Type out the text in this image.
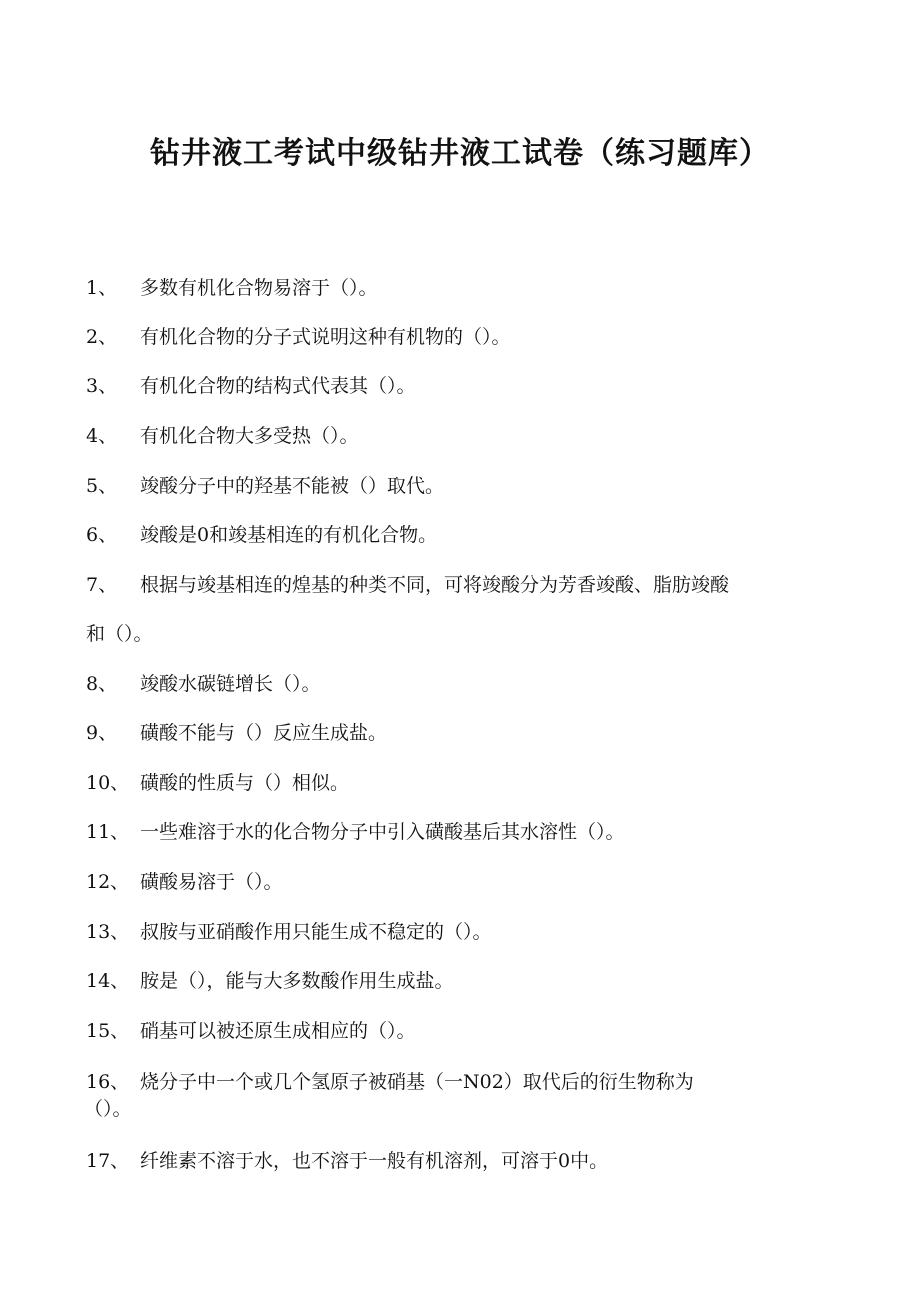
钻井液工考试中级钻井液工试卷（练习题库）
1、 多数有机化合物易溶于（）。
2、 有机化合物的分子式说明这种有机物的（）。
3、 有机化合物的结构式代表其（）。
4、 有机化合物大多受热（）。
5、 竣酸分子中的羟基不能被（）取代。
6、 竣酸是0和竣基相连的有机化合物。
7、 根据与竣基相连的煌基的种类不同，可将竣酸分为芳香竣酸、脂肪竣酸
和（）。
8、 竣酸水碳链增长（）。
9、 磺酸不能与（）反应生成盐。
10、 磺酸的性质与（）相似。
11、 一些难溶于水的化合物分子中引入磺酸基后其水溶性（）。
12、 磺酸易溶于（）。
13、 叔胺与亚硝酸作用只能生成不稳定的（）。
14、 胺是（），能与大多数酸作用生成盐。
15、 硝基可以被还原生成相应的（）。
16、 烧分子中一个或几个氢原子被硝基（一N02）取代后的衍生物称为
（）。
17、 纤维素不溶于水，也不溶于一般有机溶剂，可溶于0中。
